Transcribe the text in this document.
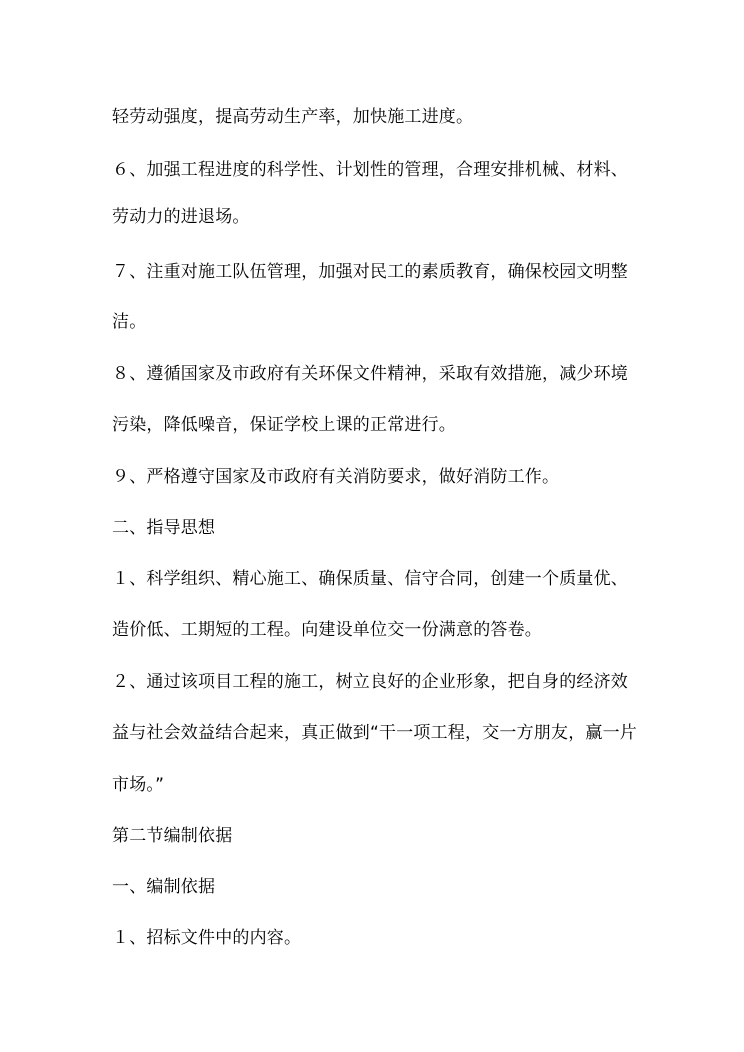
轻劳动强度，提高劳动生产率，加快施工进度。
６、加强工程进度的科学性、计划性的管理，合理安排机械、材料、
劳动力的进退场。
７、注重对施工队伍管理，加强对民工的素质教育，确保校园文明整
洁。
８、遵循国家及市政府有关环保文件精神，采取有效措施，减少环境
污染，降低噪音，保证学校上课的正常进行。
９、严格遵守国家及市政府有关消防要求，做好消防工作。
二、指导思想
１、科学组织、精心施工、确保质量、信守合同，创建一个质量优、
造价低、工期短的工程。向建设单位交一份满意的答卷。
２、通过该项目工程的施工，树立良好的企业形象，把自身的经济效
益与社会效益结合起来，真正做到“干一项工程，交一方朋友，赢一片
市场。”
第二节编制依据
一、编制依据
１、招标文件中的内容。
